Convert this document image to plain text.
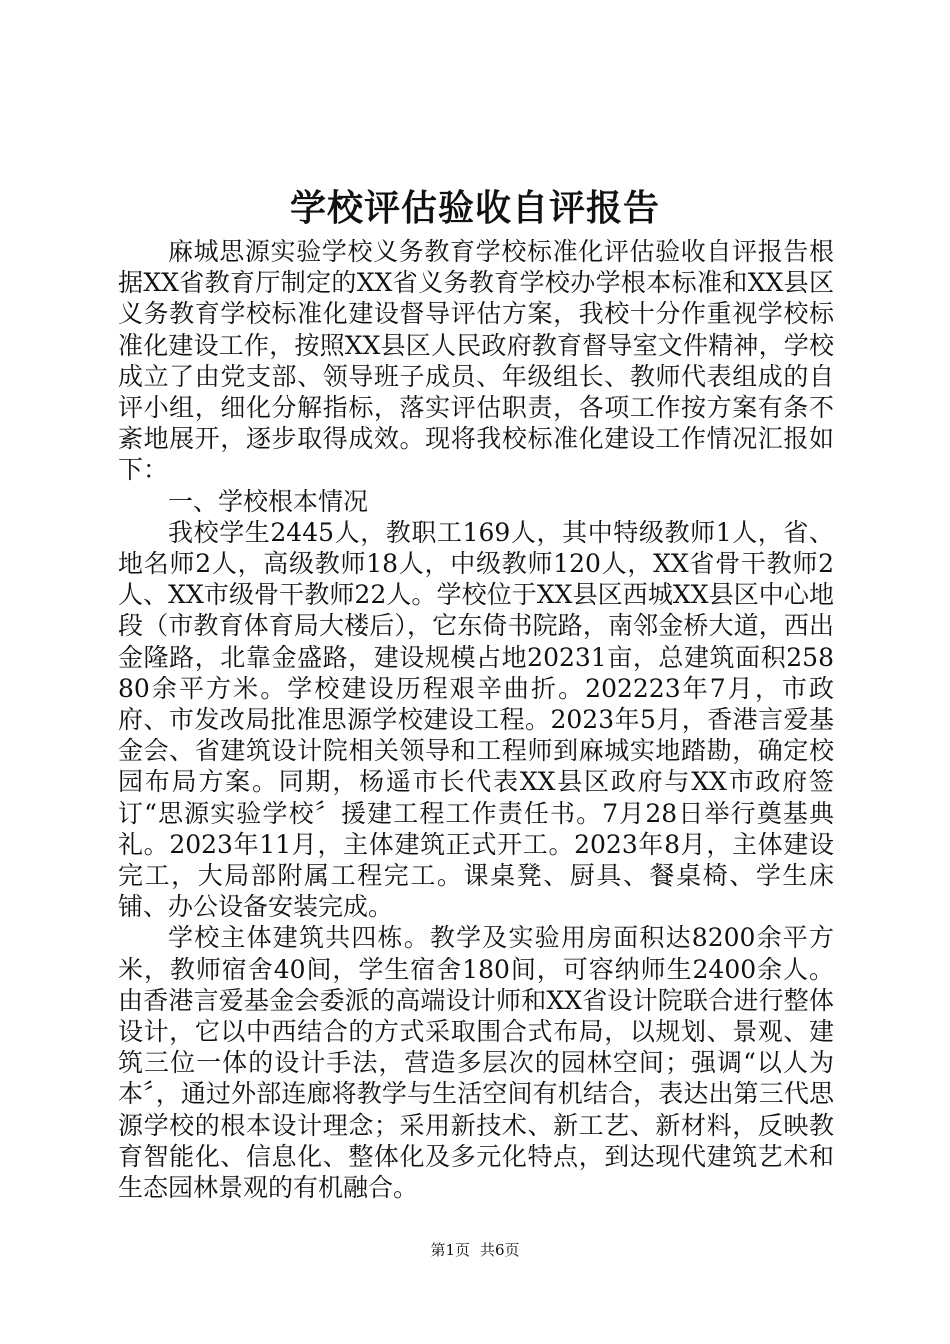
学校评估验收自评报告

麻城思源实验学校义务教育学校标准化评估验收自评报告根据XX省教育厅制定的XX省义务教育学校办学根本标准和XX县区义务教育学校标准化建设督导评估方案，我校十分作重视学校标准化建设工作，按照XX县区人民政府教育督导室文件精神，学校成立了由党支部、领导班子成员、年级组长、教师代表组成的自评小组，细化分解指标，落实评估职责，各项工作按方案有条不紊地展开，逐步取得成效。现将我校标准化建设工作情况汇报如下：

一、学校根本情况

我校学生2445人，教职工169人，其中特级教师1人，省、地名师2人，高级教师18人，中级教师120人，XX省骨干教师2人、XX市级骨干教师22人。学校位于XX县区西城XX县区中心地段（市教育体育局大楼后），它东倚书院路，南邻金桥大道，西出金隆路，北靠金盛路，建设规模占地20231亩，总建筑面积25880余平方米。学校建设历程艰辛曲折。202223年7月，市政府、市发改局批准思源学校建设工程。2023年5月，香港言爱基金会、省建筑设计院相关领导和工程师到麻城实地踏勘，确定校园布局方案。同期，杨遥市长代表XX县区政府与XX市政府签订“思源实验学校〞援建工程工作责任书。7月28日举行奠基典礼。2023年11月，主体建筑正式开工。2023年8月，主体建设完工，大局部附属工程完工。课桌凳、厨具、餐桌椅、学生床铺、办公设备安装完成。

学校主体建筑共四栋。教学及实验用房面积达8200余平方米，教师宿舍40间，学生宿舍180间，可容纳师生2400余人。由香港言爱基金会委派的高端设计师和XX省设计院联合进行整体设计，它以中西结合的方式采取围合式布局，以规划、景观、建筑三位一体的设计手法，营造多层次的园林空间；强调“以人为本〞，通过外部连廊将教学与生活空间有机结合，表达出第三代思源学校的根本设计理念；采用新技术、新工艺、新材料，反映教育智能化、信息化、整体化及多元化特点，到达现代建筑艺术和生态园林景观的有机融合。

第1页 共6页
